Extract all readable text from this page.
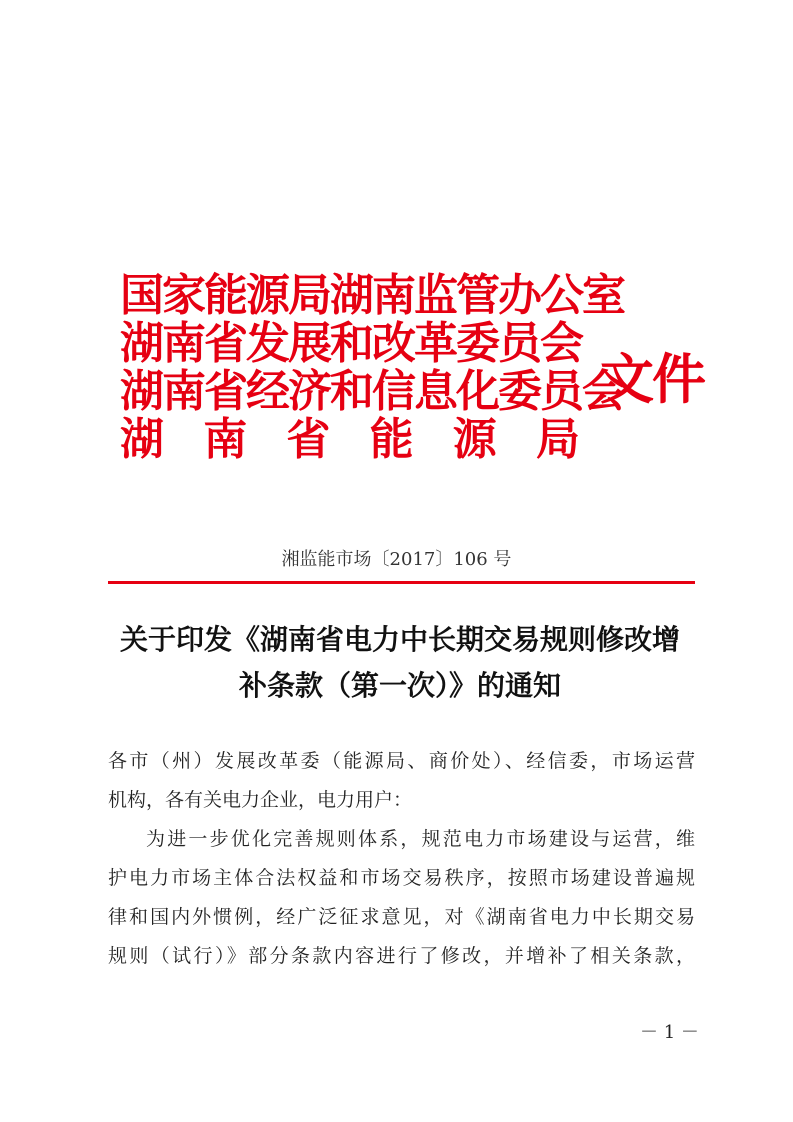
国家能源局湖南监管办公室
湖南省发展和改革委员会
湖南省经济和信息化委员会
湖 南 省 能 源 局
文件
湘监能市场〔2017〕106 号
关于印发《湖南省电力中长期交易规则修改增
补条款（第一次）》的通知

各市（州）发展改革委（能源局、商价处）、经信委，市场运营

机构，各有关电力企业，电力用户：

为进一步优化完善规则体系，规范电力市场建设与运营，维

护电力市场主体合法权益和市场交易秩序，按照市场建设普遍规

律和国内外惯例，经广泛征求意见，对《湖南省电力中长期交易

规则（试行）》部分条款内容进行了修改，并增补了相关条款，

－ 1 －
